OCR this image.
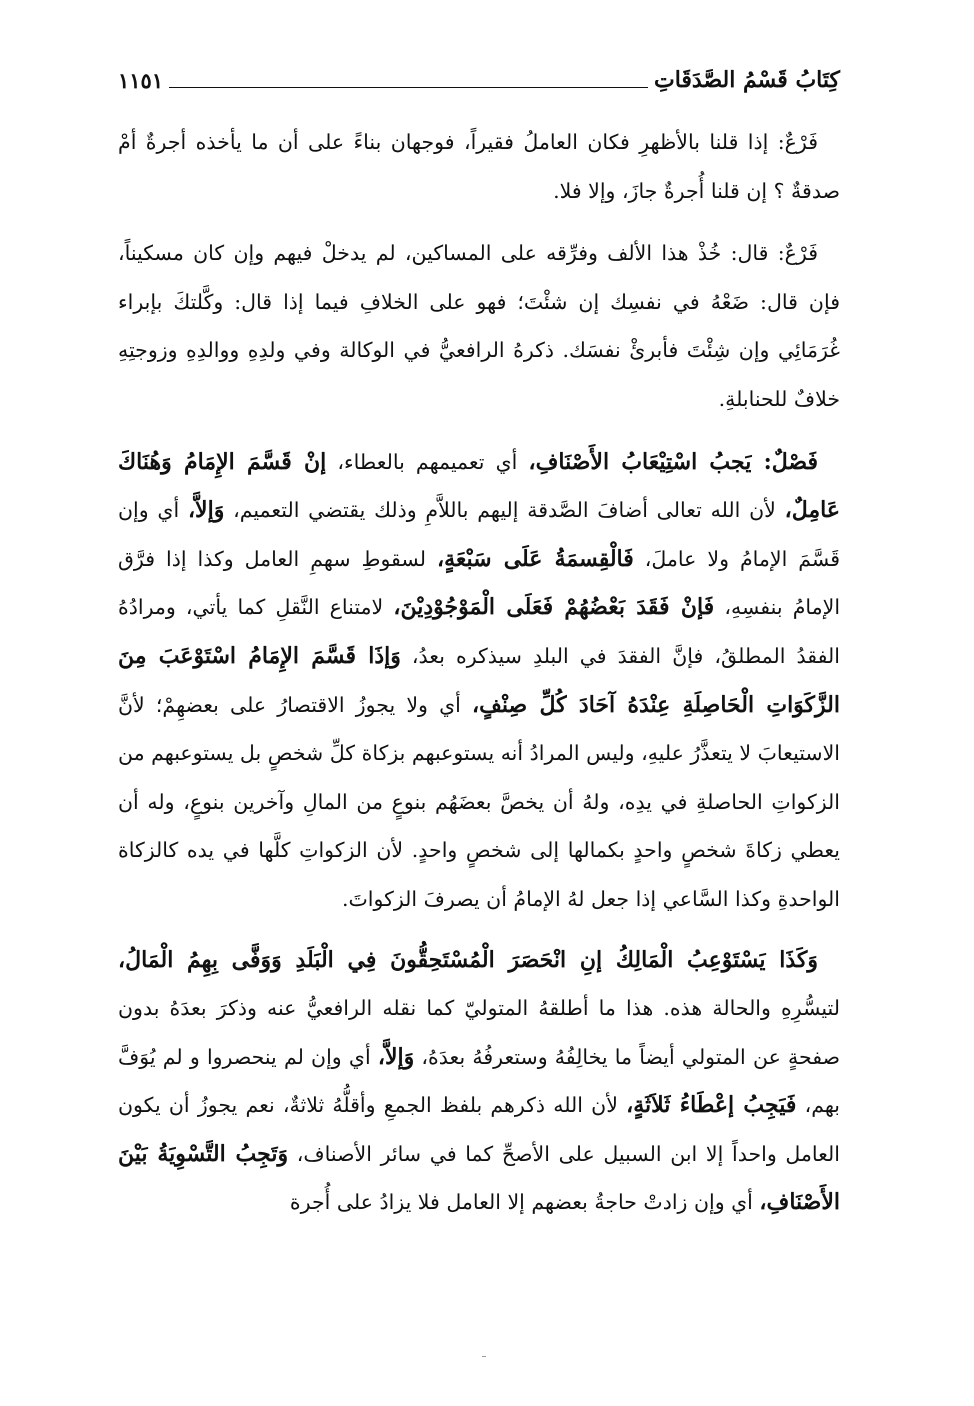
كِتَابُ قَسْمُ الصَّدَقَاتِ
١١٥١

فَرْعٌ: إذا قلنا بالأظهرِ فكان العاملُ فقيراً، فوجهان بناءً على أن ما يأخذه أجرةٌ أمْ صدقةٌ ؟ إن قلنا أُجرةٌ جازَ، وإلا فلا.

فَرْعٌ: قال: خُذْ هذا الألف وفرِّقه على المساكين، لم يدخلْ فيهم وإن كان مسكيناً، فإن قال: ضَعْهُ في نفسِك إن شئْتَ؛ فهو على الخلافِ فيما إذا قال: وكَّلتكَ بإبراء غُرَمَائِي وإن شِئْتَ فأبرئْ نفسَك. ذكرهُ الرافعيُّ في الوكالة وفي ولدِهِ ووالدِهِ وزوجتِهِ خلافٌ للحنابلةِ.

فَصْلٌ: يَجبُ اسْتِيْعَابُ الأَصْنَافِ، أي تعميمهم بالعطاء، إنْ قَسَّمَ الإِمَامُ وَهُنَاكَ عَامِلٌ، لأن الله تعالى أضافَ الصَّدقة إليهم باللاَّمِ وذلك يقتضي التعميم، وَإلاَّ، أي وإن قَسَّمَ الإمامُ ولا عاملَ، فَالْقِسمَةُ عَلَى سَبْعَةٍ، لسقوطِ سهمِ العامل وكذا إذا فرَّق الإمامُ بنفسِهِ، فَإنْ فَقَدَ بَعْضُهُمْ فَعَلَى الْمَوْجُوْدِيْنَ، لامتناع النَّقلِ كما يأتي، ومرادُهُ الفقدُ المطلقُ، فإنَّ الفقدَ في البلدِ سيذكره بعدُ، وَإذَا قَسَّمَ الإِمَامُ اسْتَوْعَبَ مِنَ الزَّكَوَاتِ الْحَاصِلَةِ عِنْدَهُ آحَادَ كُلِّ صِنْفٍ، أي ولا يجوزُ الاقتصارُ على بعضهِمْ؛ لأنَّ الاستيعابَ لا يتعذَّرُ عليهِ، وليس المرادُ أنه يستوعبهم بزكاة كلِّ شخصٍ بل يستوعبهم من الزكواتِ الحاصلةِ في يدِه، ولهُ أن يخصَّ بعضَهُم بنوعٍ من المالِ وآخرين بنوعٍ، وله أن يعطي زكاةَ شخصٍ واحدٍ بكمالها إلى شخصٍ واحدٍ. لأن الزكواتِ كلَّها في يده كالزكاة الواحدةِ وكذا السَّاعي إذا جعل لهُ الإمامُ أن يصرفَ الزكواتَ.

وَكَذَا يَسْتَوْعِبُ الْمَالِكُ إنِ انْحَصَرَ الْمُسْتَحِقُّونَ فِي الْبَلَدِ وَوَفَّى بِهِمُ الْمَالُ، لتيسُّرِهِ والحالة هذه. هذا ما أطلقهُ المتوليّ كما نقله الرافعيُّ عنه وذكرَ بعدَهُ بدون صفحةٍ عن المتولي أيضاً ما يخالِفُهُ وستعرفُهُ بعدَهُ، وَإلاَّ، أي وإن لم ينحصروا و لم يُوَفَّ بهم، فَيَجِبُ إعْطَاءُ ثَلاَثَةٍ، لأن الله ذكرهم بلفظ الجمعِ وأقلُّهُ ثلاثةٌ، نعم يجوزُ أن يكون العامل واحداً إلا ابن السبيل على الأصحِّ كما في سائر الأصناف، وَتَجِبُ التَّسْوِيَةُ بَيْنَ الأَصْنَافِ، أي وإن زادتْ حاجةُ بعضهم إلا العامل فلا يزادُ على أُجرة
